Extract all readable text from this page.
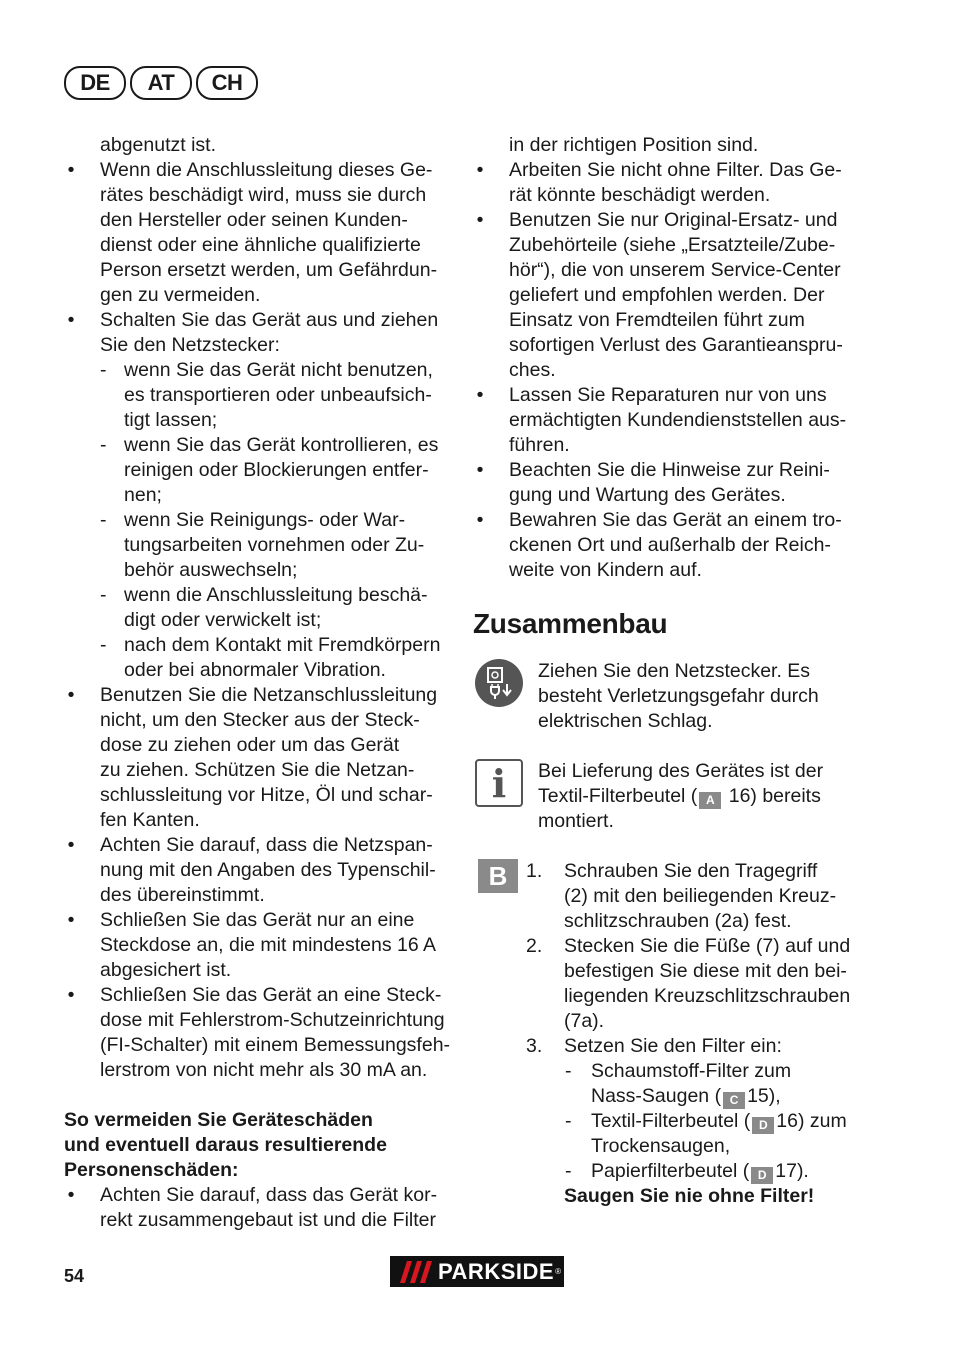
DE	AT	CH
abgenutzt ist.
• Wenn die Anschlussleitung dieses Ge-
rätes beschädigt wird, muss sie durch
den Hersteller oder seinen Kunden-
dienst oder eine ähnliche qualifizierte
Person ersetzt werden, um Gefährdun-
gen zu vermeiden.
• Schalten Sie das Gerät aus und ziehen
Sie den Netzstecker:
- wenn Sie das Gerät nicht benutzen,
es transportieren oder unbeaufsich-
tigt lassen;
- wenn Sie das Gerät kontrollieren, es
reinigen oder Blockierungen entfer-
nen;
- wenn Sie Reinigungs- oder War-
tungsarbeiten vornehmen oder Zu-
behör auswechseln;
- wenn die Anschlussleitung beschä-
digt oder verwickelt ist;
- nach dem Kontakt mit Fremdkörpern
oder bei abnormaler Vibration.
• Benutzen Sie die Netzanschlussleitung
nicht, um den Stecker aus der Steck-
dose zu ziehen oder um das Gerät
zu ziehen. Schützen Sie die Netzan-
schlussleitung vor Hitze, Öl und schar-
fen Kanten.
• Achten Sie darauf, dass die Netzspan-
nung mit den Angaben des Typenschil-
des übereinstimmt.
• Schließen Sie das Gerät nur an eine
Steckdose an, die mit mindestens 16 A
abgesichert ist.
• Schließen Sie das Gerät an eine Steck-
dose mit Fehlerstrom-Schutzeinrichtung
(FI-Schalter) mit einem Bemessungsfeh-
lerstrom von nicht mehr als 30 mA an.
So vermeiden Sie Geräteschäden
und eventuell daraus resultierende
Personenschäden:
• Achten Sie darauf, dass das Gerät kor-
rekt zusammengebaut ist und die Filter
in der richtigen Position sind.
• Arbeiten Sie nicht ohne Filter. Das Ge-
rät könnte beschädigt werden.
• Benutzen Sie nur Original-Ersatz- und
Zubehörteile (siehe „Ersatzteile/Zube-
hör“), die von unserem Service-Center
geliefert und empfohlen werden. Der
Einsatz von Fremdteilen führt zum
sofortigen Verlust des Garantieanspru-
ches.
• Lassen Sie Reparaturen nur von uns
ermächtigten Kundendienststellen aus-
führen.
• Beachten Sie die Hinweise zur Reini-
gung und Wartung des Gerätes.
• Bewahren Sie das Gerät an einem tro-
ckenen Ort und außerhalb der Reich-
weite von Kindern auf.
Zusammenbau
Ziehen Sie den Netzstecker. Es
besteht Verletzungsgefahr durch
elektrischen Schlag.
i	Bei Lieferung des Gerätes ist der
Textil-Filterbeutel ( A 16) bereits
montiert.
B 1. Schrauben Sie den Tragegriff
(2) mit den beiliegenden Kreuz-
schlitzschrauben (2a) fest.
2. Stecken Sie die Füße (7) auf und
befestigen Sie diese mit den bei-
liegenden Kreuzschlitzschrauben
(7a).
3. Setzen Sie den Filter ein:
- Schaumstoff-Filter zum
Nass-Saugen ( C 15),
- Textil-Filterbeutel ( D 16) zum
Trockensaugen,
- Papierfilterbeutel ( D 17).
Saugen Sie nie ohne Filter!
54	PARKSIDE ®
